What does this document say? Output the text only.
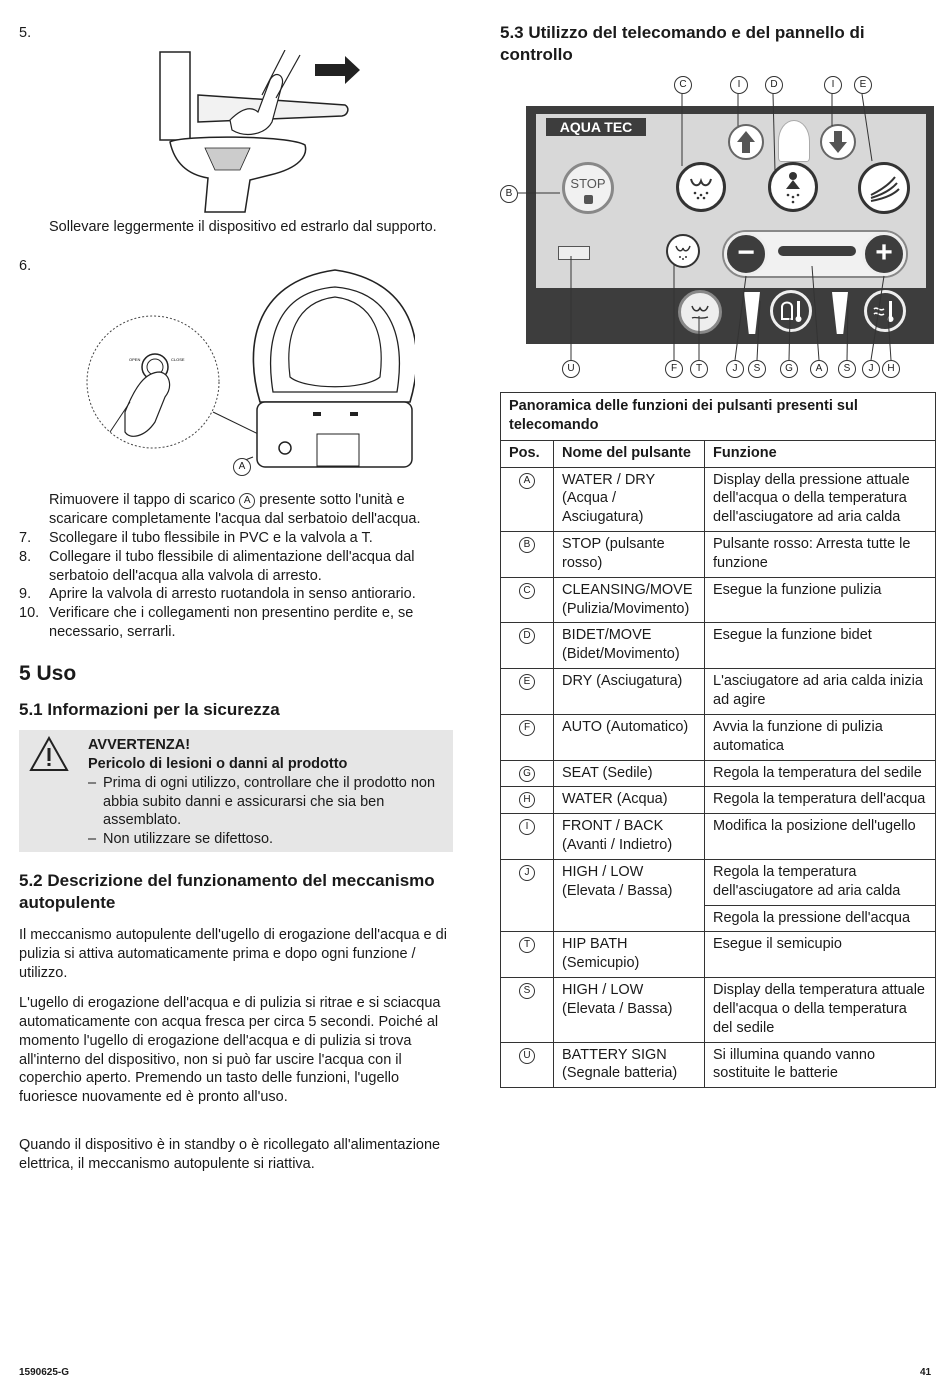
5.
Sollevare leggermente il dispositivo ed estrarlo dal supporto.
6.
OPEN	CLOSE
A
Rimuovere il tappo di scarico A presente sotto l'unità e scaricare completamente l'acqua dal serbatoio dell'acqua.
7. Scollegare il tubo flessibile in PVC e la valvola a T.
8. Collegare il tubo flessibile di alimentazione dell'acqua dal serbatoio dell'acqua alla valvola di arresto.
9. Aprire la valvola di arresto ruotandola in senso antiorario.
10. Verificare che i collegamenti non presentino perdite e, se necessario, serrarli.
5 Uso
5.1 Informazioni per la sicurezza
AVVERTENZA!
Pericolo di lesioni o danni al prodotto
– Prima di ogni utilizzo, controllare che il prodotto non abbia subito danni e assicurarsi che sia ben assemblato.
– Non utilizzare se difettoso.
5.2 Descrizione del funzionamento del meccanismo autopulente
Il meccanismo autopulente dell'ugello di erogazione dell'acqua e di pulizia si attiva automaticamente prima e dopo ogni funzione / utilizzo.
L'ugello di erogazione dell'acqua e di pulizia si ritrae e si sciacqua automaticamente con acqua fresca per circa 5 secondi. Poiché al momento l'ugello di erogazione dell'acqua e di pulizia si trova all'interno del dispositivo, non si può far uscire l'acqua con il coperchio aperto. Premendo un tasto delle funzioni, l'ugello fuoriesce nuovamente ed è pronto all'uso.
Quando il dispositivo è in standby o è ricollegato all'alimentazione elettrica, il meccanismo autopulente si riattiva.
5.3 Utilizzo del telecomando e del pannello di controllo
AQUA TEC
STOP
−	+
C	I	D	I	E
B
U	F	T	J	S	G	A	S	J	H
Panoramica delle funzioni dei pulsanti presenti sul telecomando		
Pos.	Nome del pulsante	Funzione
A	WATER / DRY (Acqua / Asciugatura)	Display della pressione attuale dell'acqua o della temperatura dell'asciugatore ad aria calda
B	STOP (pulsante rosso)	Pulsante rosso: Arresta tutte le funzione
C	CLEANSING/MOVE (Pulizia/Movimento)	Esegue la funzione pulizia
D	BIDET/MOVE (Bidet/Movimento)	Esegue la funzione bidet
E	DRY (Asciugatura)	L'asciugatore ad aria calda inizia ad agire
F	AUTO (Automatico)	Avvia la funzione di pulizia automatica
G	SEAT (Sedile)	Regola la temperatura del sedile
H	WATER (Acqua)	Regola la temperatura dell'acqua
I	FRONT / BACK (Avanti / Indietro)	Modifica la posizione dell'ugello
J	HIGH / LOW (Elevata / Bassa)	Regola la temperatura dell'asciugatore ad aria calda
		Regola la pressione dell'acqua
T	HIP BATH (Semicupio)	Esegue il semicupio
S	HIGH / LOW (Elevata / Bassa)	Display della temperatura attuale dell'acqua o della temperatura del sedile
U	BATTERY SIGN (Segnale batteria)	Si illumina quando vanno sostituite le batterie
1590625-G	41
